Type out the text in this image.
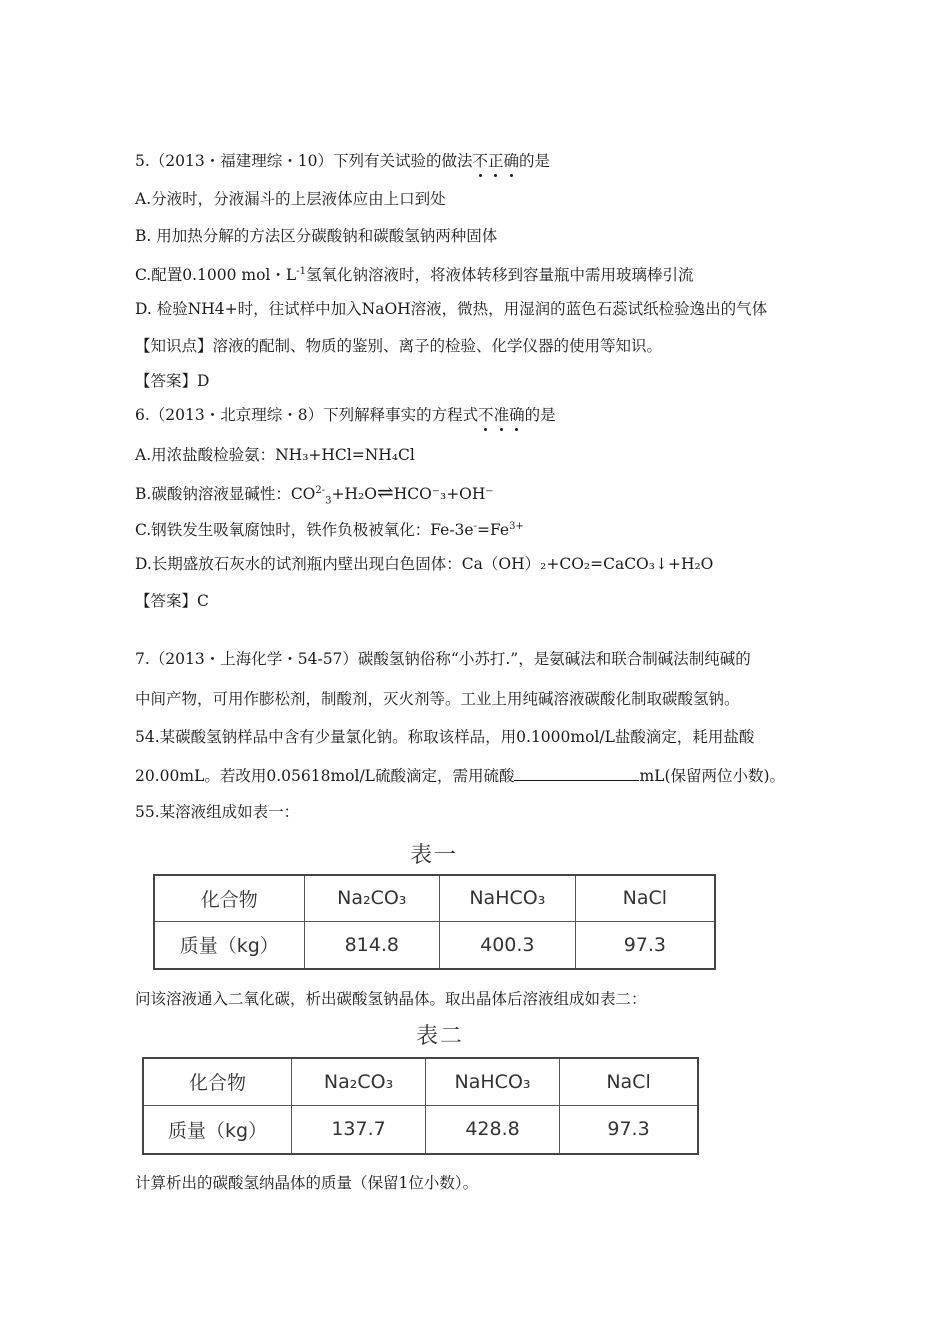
5.（2013・福建理综・10）下列有关试验的做法不正确的是
A.分液时，分液漏斗的上层液体应由上口到处
B. 用加热分解的方法区分碳酸钠和碳酸氢钠两种固体
C.配置0.1000 mol・$L^{-1}$氢氧化钠溶液时，将液体转移到容量瓶中需用玻璃棒引流
D. 检验NH4+时，往试样中加入NaOH溶液，微热，用湿润的蓝色石蕊试纸检验逸出的气体
【知识点】溶液的配制、物质的鉴别、离子的检验、化学仪器的使用等知识。
【答案】D
6.（2013・北京理综・8）下列解释事实的方程式不准确的是
A.用浓盐酸检验氨：NH₃+HCl=NH₄Cl
B.碳酸钠溶液显碱性：$CO^{2-}_3+H_2O\rightleftharpoons HCO^-_3+OH^-$
C.钢铁发生吸氧腐蚀时，铁作负极被氧化：$Fe-3e^-=Fe^{3+}$
D.长期盛放石灰水的试剂瓶内壁出现白色固体：Ca（OH）₂+CO₂=CaCO₃↓+H₂O
【答案】C
7.（2013・上海化学・54-57）碳酸氢钠俗称“小苏打.”，是氨碱法和联合制碱法制纯碱的
中间产物，可用作膨松剂，制酸剂，灭火剂等。工业上用纯碱溶液碳酸化制取碳酸氢钠。
54.某碳酸氢钠样品中含有少量氯化钠。称取该样品，用0.1000mol/L盐酸滴定，耗用盐酸
20.00mL。若改用0.05618mol/L硫酸滴定，需用硫酸	mL(保留两位小数)。
55.某溶液组成如表一：
表一
化合物	Na₂CO₃	NaHCO₃	NaCl
质量（kg）	814.8	400.3	97.3
问该溶液通入二氧化碳，析出碳酸氢钠晶体。取出晶体后溶液组成如表二：
表二
化合物	Na₂CO₃	NaHCO₃	NaCl
质量（kg）	137.7	428.8	97.3
计算析出的碳酸氢纳晶体的质量（保留1位小数）。
